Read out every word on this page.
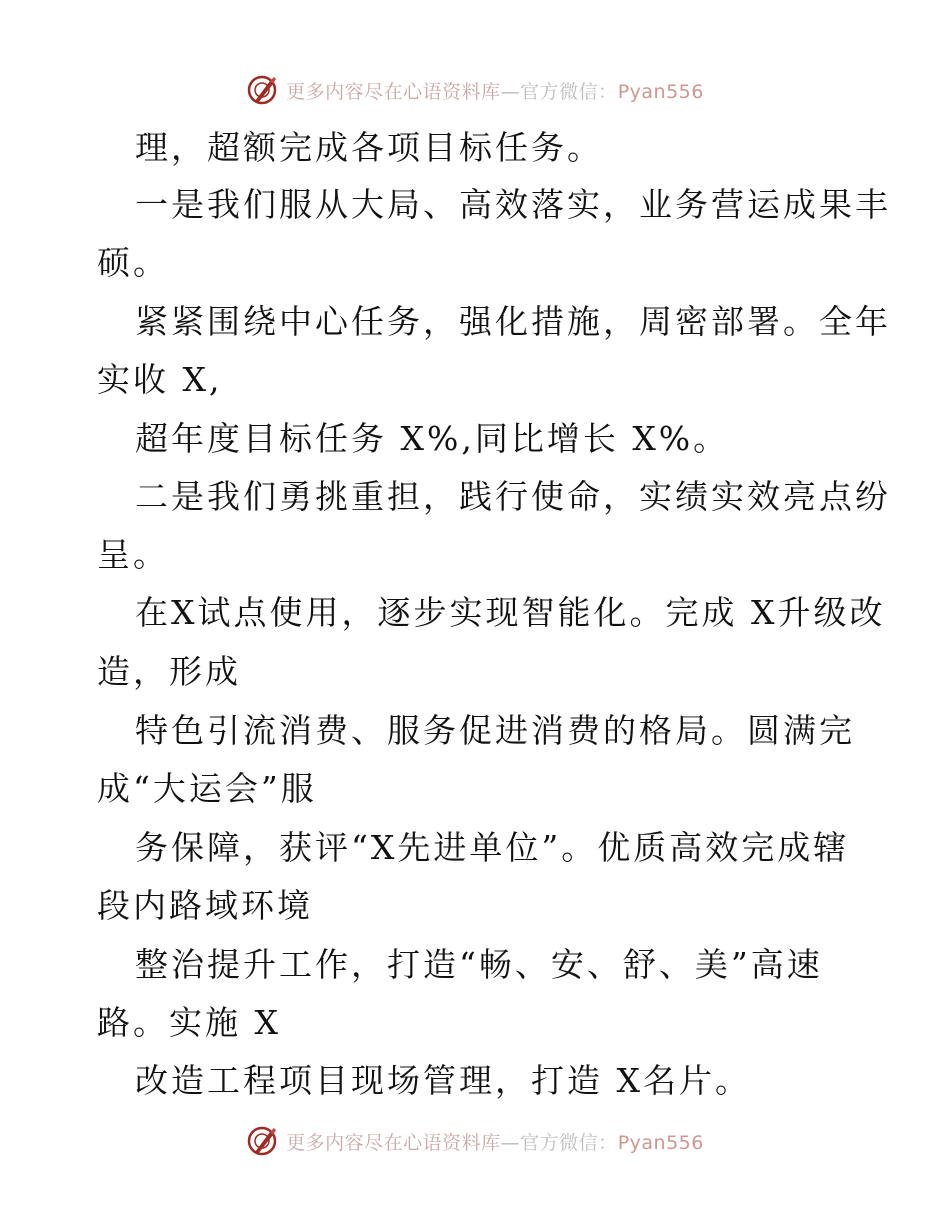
更多内容尽在心语资料库—官方微信：Pyan556
理，超额完成各项目标任务。
一是我们服从大局、高效落实，业务营运成果丰
硕。
紧紧围绕中心任务，强化措施，周密部署。全年
实收 X,
超年度目标任务 X%,同比增长 X%。
二是我们勇挑重担，践行使命，实绩实效亮点纷
呈。
在X试点使用，逐步实现智能化。完成 X升级改
造，形成
特色引流消费、服务促进消费的格局。圆满完
成“大运会”服
务保障，获评“X先进单位”。优质高效完成辖
段内路域环境
整治提升工作，打造“畅、安、舒、美”高速
路。实施 X
改造工程项目现场管理，打造 X名片。
更多内容尽在心语资料库—官方微信：Pyan556
